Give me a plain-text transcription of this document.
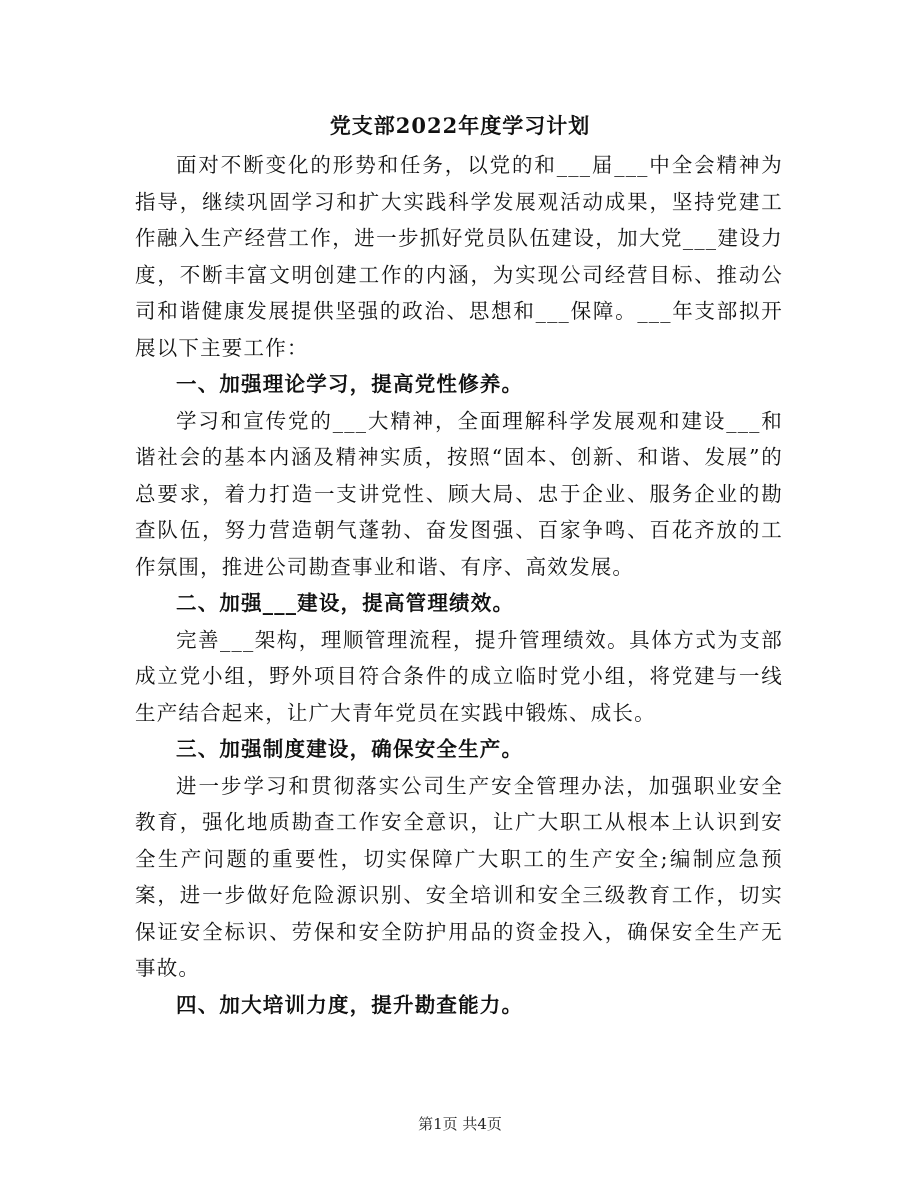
党支部2022年度学习计划

面对不断变化的形势和任务，以党的和___届___中全会精神为指导，继续巩固学习和扩大实践科学发展观活动成果，坚持党建工作融入生产经营工作，进一步抓好党员队伍建设，加大党___建设力度，不断丰富文明创建工作的内涵，为实现公司经营目标、推动公司和谐健康发展提供坚强的政治、思想和___保障。___年支部拟开展以下主要工作：

一、加强理论学习，提高党性修养。

学习和宣传党的___大精神，全面理解科学发展观和建设___和谐社会的基本内涵及精神实质，按照“固本、创新、和谐、发展”的总要求，着力打造一支讲党性、顾大局、忠于企业、服务企业的勘查队伍，努力营造朝气蓬勃、奋发图强、百家争鸣、百花齐放的工作氛围，推进公司勘查事业和谐、有序、高效发展。

二、加强___建设，提高管理绩效。

完善___架构，理顺管理流程，提升管理绩效。具体方式为支部成立党小组，野外项目符合条件的成立临时党小组，将党建与一线生产结合起来，让广大青年党员在实践中锻炼、成长。

三、加强制度建设，确保安全生产。

进一步学习和贯彻落实公司生产安全管理办法，加强职业安全教育，强化地质勘查工作安全意识，让广大职工从根本上认识到安全生产问题的重要性，切实保障广大职工的生产安全;编制应急预案，进一步做好危险源识别、安全培训和安全三级教育工作，切实保证安全标识、劳保和安全防护用品的资金投入，确保安全生产无事故。

四、加大培训力度，提升勘查能力。

第1页 共4页
